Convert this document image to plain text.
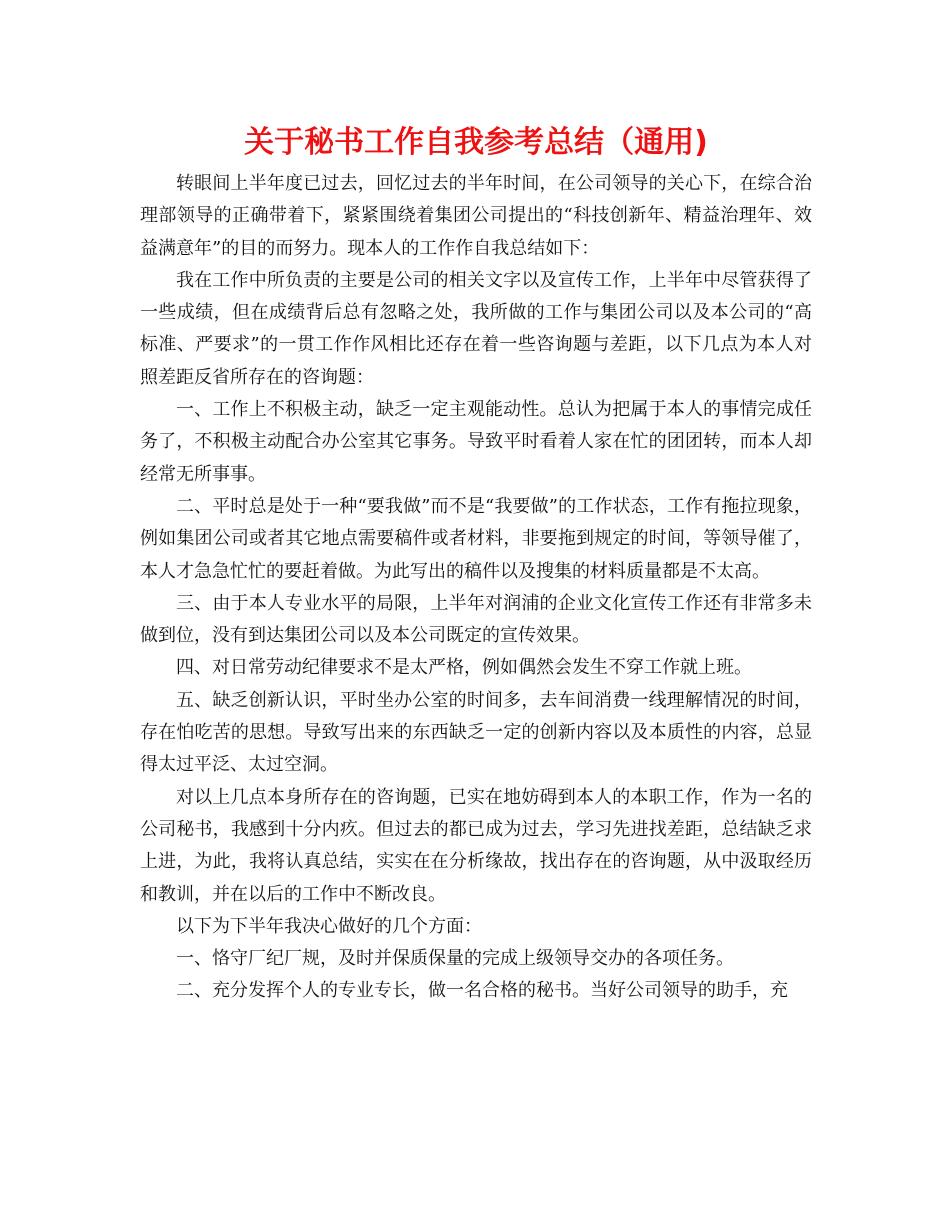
关于秘书工作自我参考总结（通用)

转眼间上半年度已过去，回忆过去的半年时间，在公司领导的关心下，在综合治理部领导的正确带着下，紧紧围绕着集团公司提出的“科技创新年、精益治理年、效益满意年”的目的而努力。现本人的工作作自我总结如下：

我在工作中所负责的主要是公司的相关文字以及宣传工作，上半年中尽管获得了一些成绩，但在成绩背后总有忽略之处，我所做的工作与集团公司以及本公司的“高标准、严要求”的一贯工作作风相比还存在着一些咨询题与差距，以下几点为本人对照差距反省所存在的咨询题：

一、工作上不积极主动，缺乏一定主观能动性。总认为把属于本人的事情完成任务了，不积极主动配合办公室其它事务。导致平时看着人家在忙的团团转，而本人却经常无所事事。

二、平时总是处于一种“要我做”而不是“我要做”的工作状态，工作有拖拉现象，例如集团公司或者其它地点需要稿件或者材料，非要拖到规定的时间，等领导催了，本人才急急忙忙的要赶着做。为此写出的稿件以及搜集的材料质量都是不太高。

三、由于本人专业水平的局限，上半年对润浦的企业文化宣传工作还有非常多未做到位，没有到达集团公司以及本公司既定的宣传效果。

四、对日常劳动纪律要求不是太严格，例如偶然会发生不穿工作就上班。

五、缺乏创新认识，平时坐办公室的时间多，去车间消费一线理解情况的时间，存在怕吃苦的思想。导致写出来的东西缺乏一定的创新内容以及本质性的内容，总显得太过平泛、太过空洞。

对以上几点本身所存在的咨询题，已实在地妨碍到本人的本职工作，作为一名的公司秘书，我感到十分内疚。但过去的都已成为过去，学习先进找差距，总结缺乏求上进，为此，我将认真总结，实实在在分析缘故，找出存在的咨询题，从中汲取经历和教训，并在以后的工作中不断改良。

以下为下半年我决心做好的几个方面：

一、恪守厂纪厂规，及时并保质保量的完成上级领导交办的各项任务。

二、充分发挥个人的专业专长，做一名合格的秘书。当好公司领导的助手，充
